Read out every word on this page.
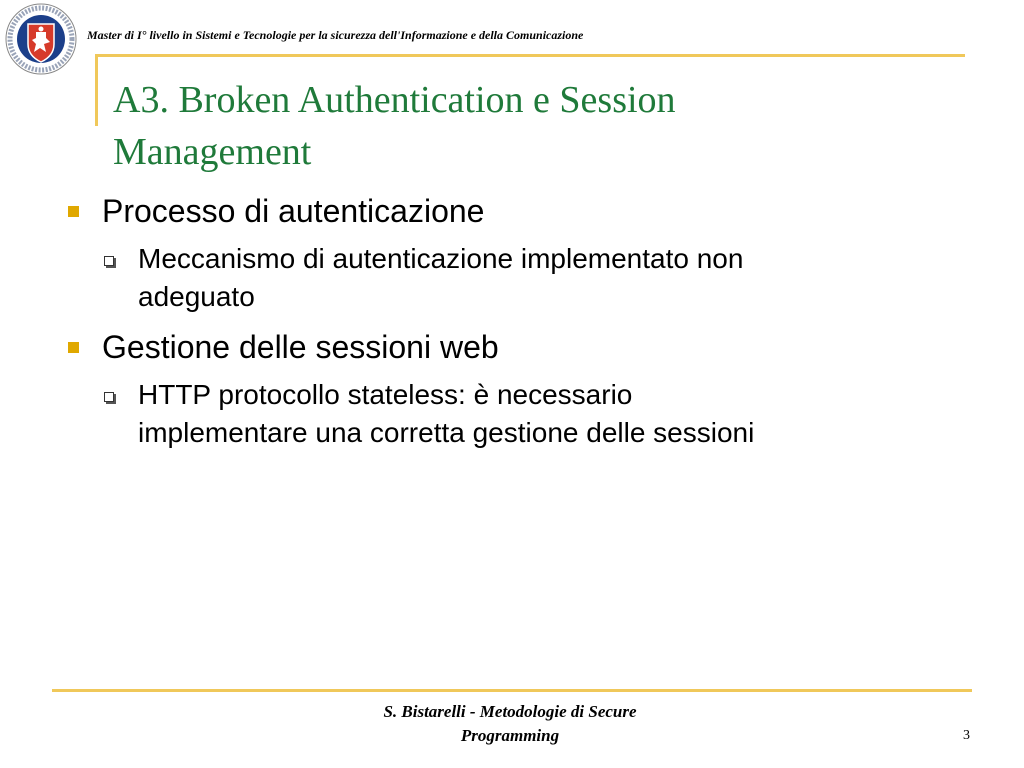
Master di I° livello in Sistemi e Tecnologie per la sicurezza dell'Informazione e della Comunicazione
A3. Broken Authentication e Session
Management
Processo di autenticazione
Meccanismo di autenticazione implementato non
adeguato
Gestione delle sessioni web
HTTP protocollo stateless: è necessario
implementare una corretta gestione delle sessioni
S. Bistarelli - Metodologie di Secure
Programming	3
